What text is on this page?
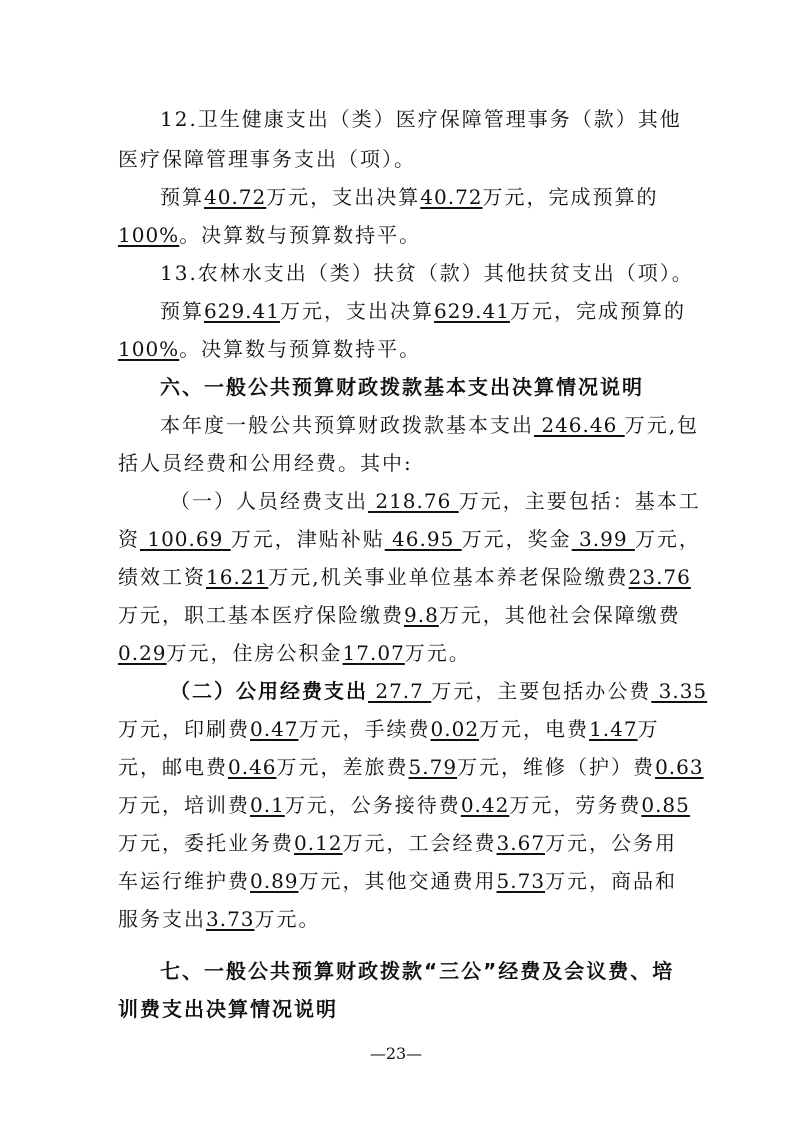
12.卫生健康支出（类）医疗保障管理事务（款）其他
医疗保障管理事务支出（项）。
预算40.72万元，支出决算40.72万元，完成预算的
100%。决算数与预算数持平。
13.农林水支出（类）扶贫（款）其他扶贫支出（项）。
预算629.41万元，支出决算629.41万元，完成预算的
100%。决算数与预算数持平。
六、一般公共预算财政拨款基本支出决算情况说明
本年度一般公共预算财政拨款基本支出 246.46 万元,包
括人员经费和公用经费。其中:
（一）人员经费支出 218.76 万元，主要包括：基本工
资 100.69 万元，津贴补贴 46.95 万元，奖金 3.99 万元，
绩效工资16.21万元,机关事业单位基本养老保险缴费23.76
万元，职工基本医疗保险缴费9.8万元，其他社会保障缴费
0.29万元，住房公积金17.07万元。
（二）公用经费支出 27.7 万元，主要包括办公费 3.35
万元，印刷费0.47万元，手续费0.02万元，电费1.47万
元，邮电费0.46万元，差旅费5.79万元，维修（护）费0.63
万元，培训费0.1万元，公务接待费0.42万元，劳务费0.85
万元，委托业务费0.12万元，工会经费3.67万元，公务用
车运行维护费0.89万元，其他交通费用5.73万元，商品和
服务支出3.73万元。
七、一般公共预算财政拨款“三公”经费及会议费、培
训费支出决算情况说明
—23—
